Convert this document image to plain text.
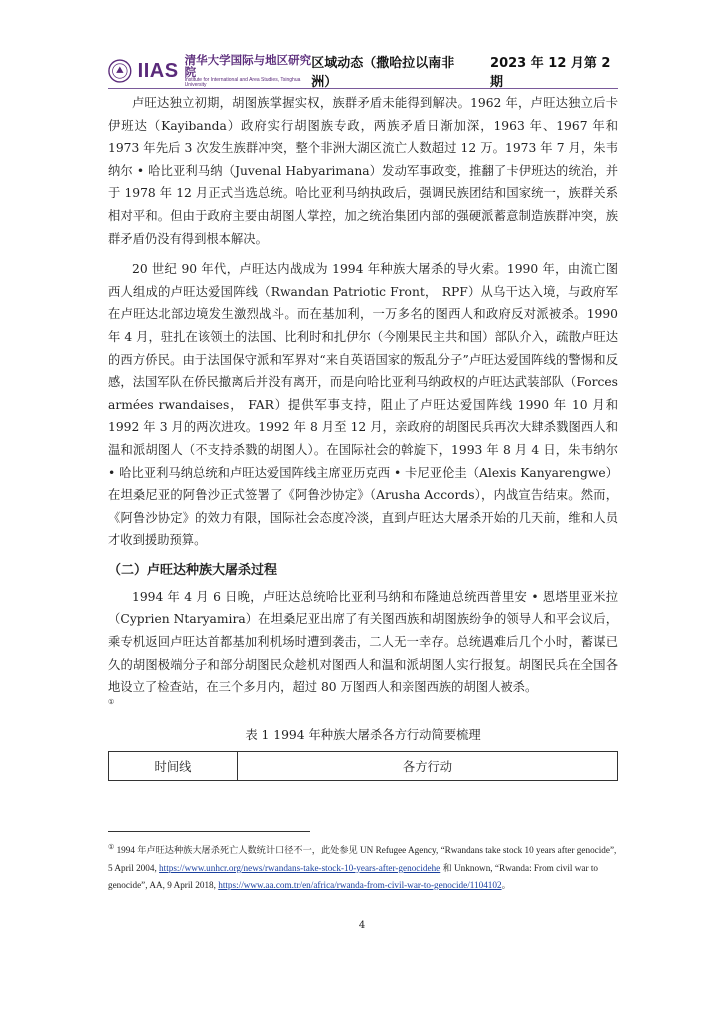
IIAS 清华大学国际与地区研究院
Institute for International and Area Studies, Tsinghua University
区域动态（撒哈拉以南非洲）
2023 年 12 月第 2 期

卢旺达独立初期，胡图族掌握实权，族群矛盾未能得到解决。1962 年，卢旺达独立后卡伊班达（Kayibanda）政府实行胡图族专政，两族矛盾日渐加深，1963 年、1967 年和 1973 年先后 3 次发生族群冲突，整个非洲大湖区流亡人数超过 12 万。1973 年 7 月，朱韦纳尔 • 哈比亚利马纳（Juvenal Habyarimana）发动军事政变，推翻了卡伊班达的统治，并于 1978 年 12 月正式当选总统。哈比亚利马纳执政后，强调民族团结和国家统一，族群关系相对平和。但由于政府主要由胡图人掌控，加之统治集团内部的强硬派蓄意制造族群冲突，族群矛盾仍没有得到根本解决。

20 世纪 90 年代，卢旺达内战成为 1994 年种族大屠杀的导火索。1990 年，由流亡图西人组成的卢旺达爱国阵线（Rwandan Patriotic Front， RPF）从乌干达入境，与政府军在卢旺达北部边境发生激烈战斗。而在基加利，一万多名的图西人和政府反对派被杀。1990 年 4 月，驻扎在该领土的法国、比利时和扎伊尔（今刚果民主共和国）部队介入，疏散卢旺达的西方侨民。由于法国保守派和军界对“来自英语国家的叛乱分子”卢旺达爱国阵线的警惕和反感，法国军队在侨民撤离后并没有离开，而是向哈比亚利马纳政权的卢旺达武装部队（Forces armées rwandaises， FAR）提供军事支持，阻止了卢旺达爱国阵线 1990 年 10 月和 1992 年 3 月的两次进攻。1992 年 8 月至 12 月，亲政府的胡图民兵再次大肆杀戮图西人和温和派胡图人（不支持杀戮的胡图人）。在国际社会的斡旋下，1993 年 8 月 4 日，朱韦纳尔 • 哈比亚利马纳总统和卢旺达爱国阵线主席亚历克西 • 卡尼亚伦圭（Alexis Kanyarengwe）在坦桑尼亚的阿鲁沙正式签署了《阿鲁沙协定》（Arusha Accords），内战宣告结束。然而，《阿鲁沙协定》的效力有限，国际社会态度冷淡，直到卢旺达大屠杀开始的几天前，维和人员才收到援助预算。

（二）卢旺达种族大屠杀过程

1994 年 4 月 6 日晚，卢旺达总统哈比亚利马纳和布隆迪总统西普里安 • 恩塔里亚米拉（Cyprien Ntaryamira）在坦桑尼亚出席了有关图西族和胡图族纷争的领导人和平会议后，乘专机返回卢旺达首都基加利机场时遭到袭击，二人无一幸存。总统遇难后几个小时，蓄谋已久的胡图极端分子和部分胡图民众趁机对图西人和温和派胡图人实行报复。胡图民兵在全国各地设立了检查站，在三个多月内，超过 80 万图西人和亲图西族的胡图人被杀。

①
表 1 1994 年种族大屠杀各方行动简要梳理
时间线	各方行动
① 1994 年卢旺达种族大屠杀死亡人数统计口径不一，此处参见 UN Refugee Agency, “Rwandans take stock 10 years after genocide”, 5 April 2004, https://www.unhcr.org/news/rwandans-take-stock-10-years-after-genocidehe 和 Unknown, “Rwanda: From civil war to genocide”, AA, 9 April 2018, https://www.aa.com.tr/en/africa/rwanda-from-civil-war-to-genocide/1104102。
4
